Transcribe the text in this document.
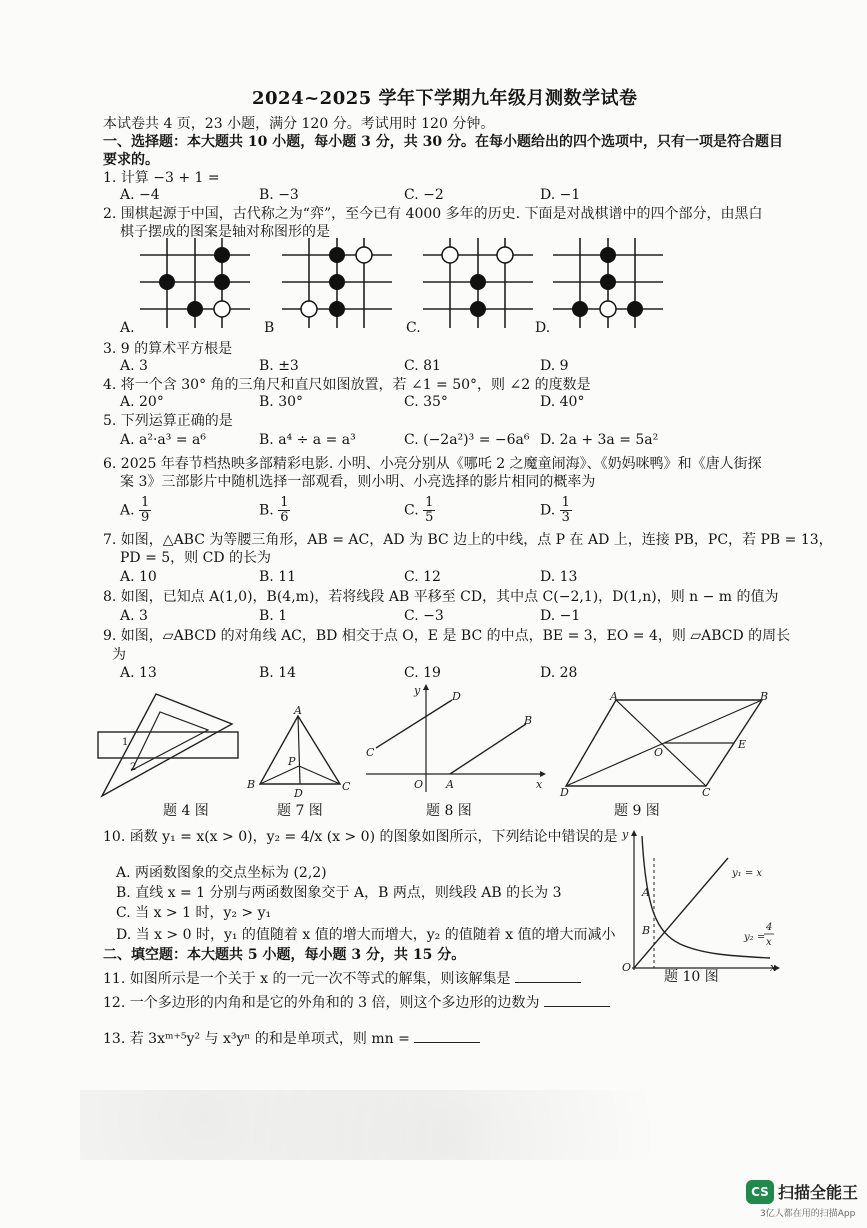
2024~2025 学年下学期九年级月测数学试卷
本试卷共 4 页，23 小题，满分 120 分。考试用时 120 分钟。
一、选择题：本大题共 10 小题，每小题 3 分，共 30 分。在每小题给出的四个选项中，只有一项是符合题目
要求的。
1. 计算 −3 + 1 =
A. −4	B. −3	C. −2	D. −1
2. 围棋起源于中国，古代称之为“弈”，至今已有 4000 多年的历史. 下面是对战棋谱中的四个部分，由黑白
棋子摆成的图案是轴对称图形的是
A.	B	C.	D.
3. 9 的算术平方根是
A. 3	B. ±3	C. 81	D. 9
4. 将一个含 30° 角的三角尺和直尺如图放置，若 ∠1 = 50°，则 ∠2 的度数是
A. 20°	B. 30°	C. 35°	D. 40°
5. 下列运算正确的是
A. a²·a³ = a⁶	B. a⁴ ÷ a = a³	C. (−2a²)³ = −6a⁶ D. 2a + 3a = 5a²
6. 2025 年春节档热映多部精彩电影. 小明、小亮分别从《哪吒 2 之魔童闹海》、《奶妈咪鸭》和《唐人街探
案 3》三部影片中随机选择一部观看，则小明、小亮选择的影片相同的概率为
A. $\frac{1}{9}$	B. $\frac{1}{6}$	C. $\frac{1}{5}$	D. $\frac{1}{3}$
7. 如图，△ABC 为等腰三角形，AB = AC，AD 为 BC 边上的中线，点 P 在 AD 上，连接 PB，PC，若 PB = 13，
PD = 5，则 CD 的长为
A. 10	B. 11	C. 12	D. 13
8. 如图，已知点 A(1,0)，B(4,m)，若将线段 AB 平移至 CD，其中点 C(−2,1)，D(1,n)，则 n − m 的值为
A. 3	B. 1	C. −3	D. −1
9. 如图，▱ABCD 的对角线 AC，BD 相交于点 O，E 是 BC 的中点，BE = 3，EO = 4，则 ▱ABCD 的周长
为
A. 13	B. 14	C. 19	D. 28
1
2
题 4 图
A
B	C
D
P
题 7 图
y
x
O A
B
C
D
题 8 图
A	B
C
D
O
E
题 9 图
10. 函数 y₁ = x(x > 0)，y₂ = 4/x (x > 0) 的图象如图所示，下列结论中错误的是
A. 两函数图象的交点坐标为 (2,2)
B. 直线 x = 1 分别与两函数图象交于 A，B 两点，则线段 AB 的长为 3
C. 当 x > 1 时，y₂ > y₁
D. 当 x > 0 时，y₁ 的值随着 x 值的增大而增大，y₂ 的值随着 x 值的增大而减小
y
x
O
A
B
y₁ = x
y₂ =
4
x
题 10 图
二、填空题：本大题共 5 小题，每小题 3 分，共 15 分。
11. 如图所示是一个关于 x 的一元一次不等式的解集，则该解集是
12. 一个多边形的内角和是它的外角和的 3 倍，则这个多边形的边数为
13. 若 3xᵐ⁺⁵y² 与 x³yⁿ 的和是单项式，则 mn =
CS 扫描全能王
3亿人都在用的扫描App
